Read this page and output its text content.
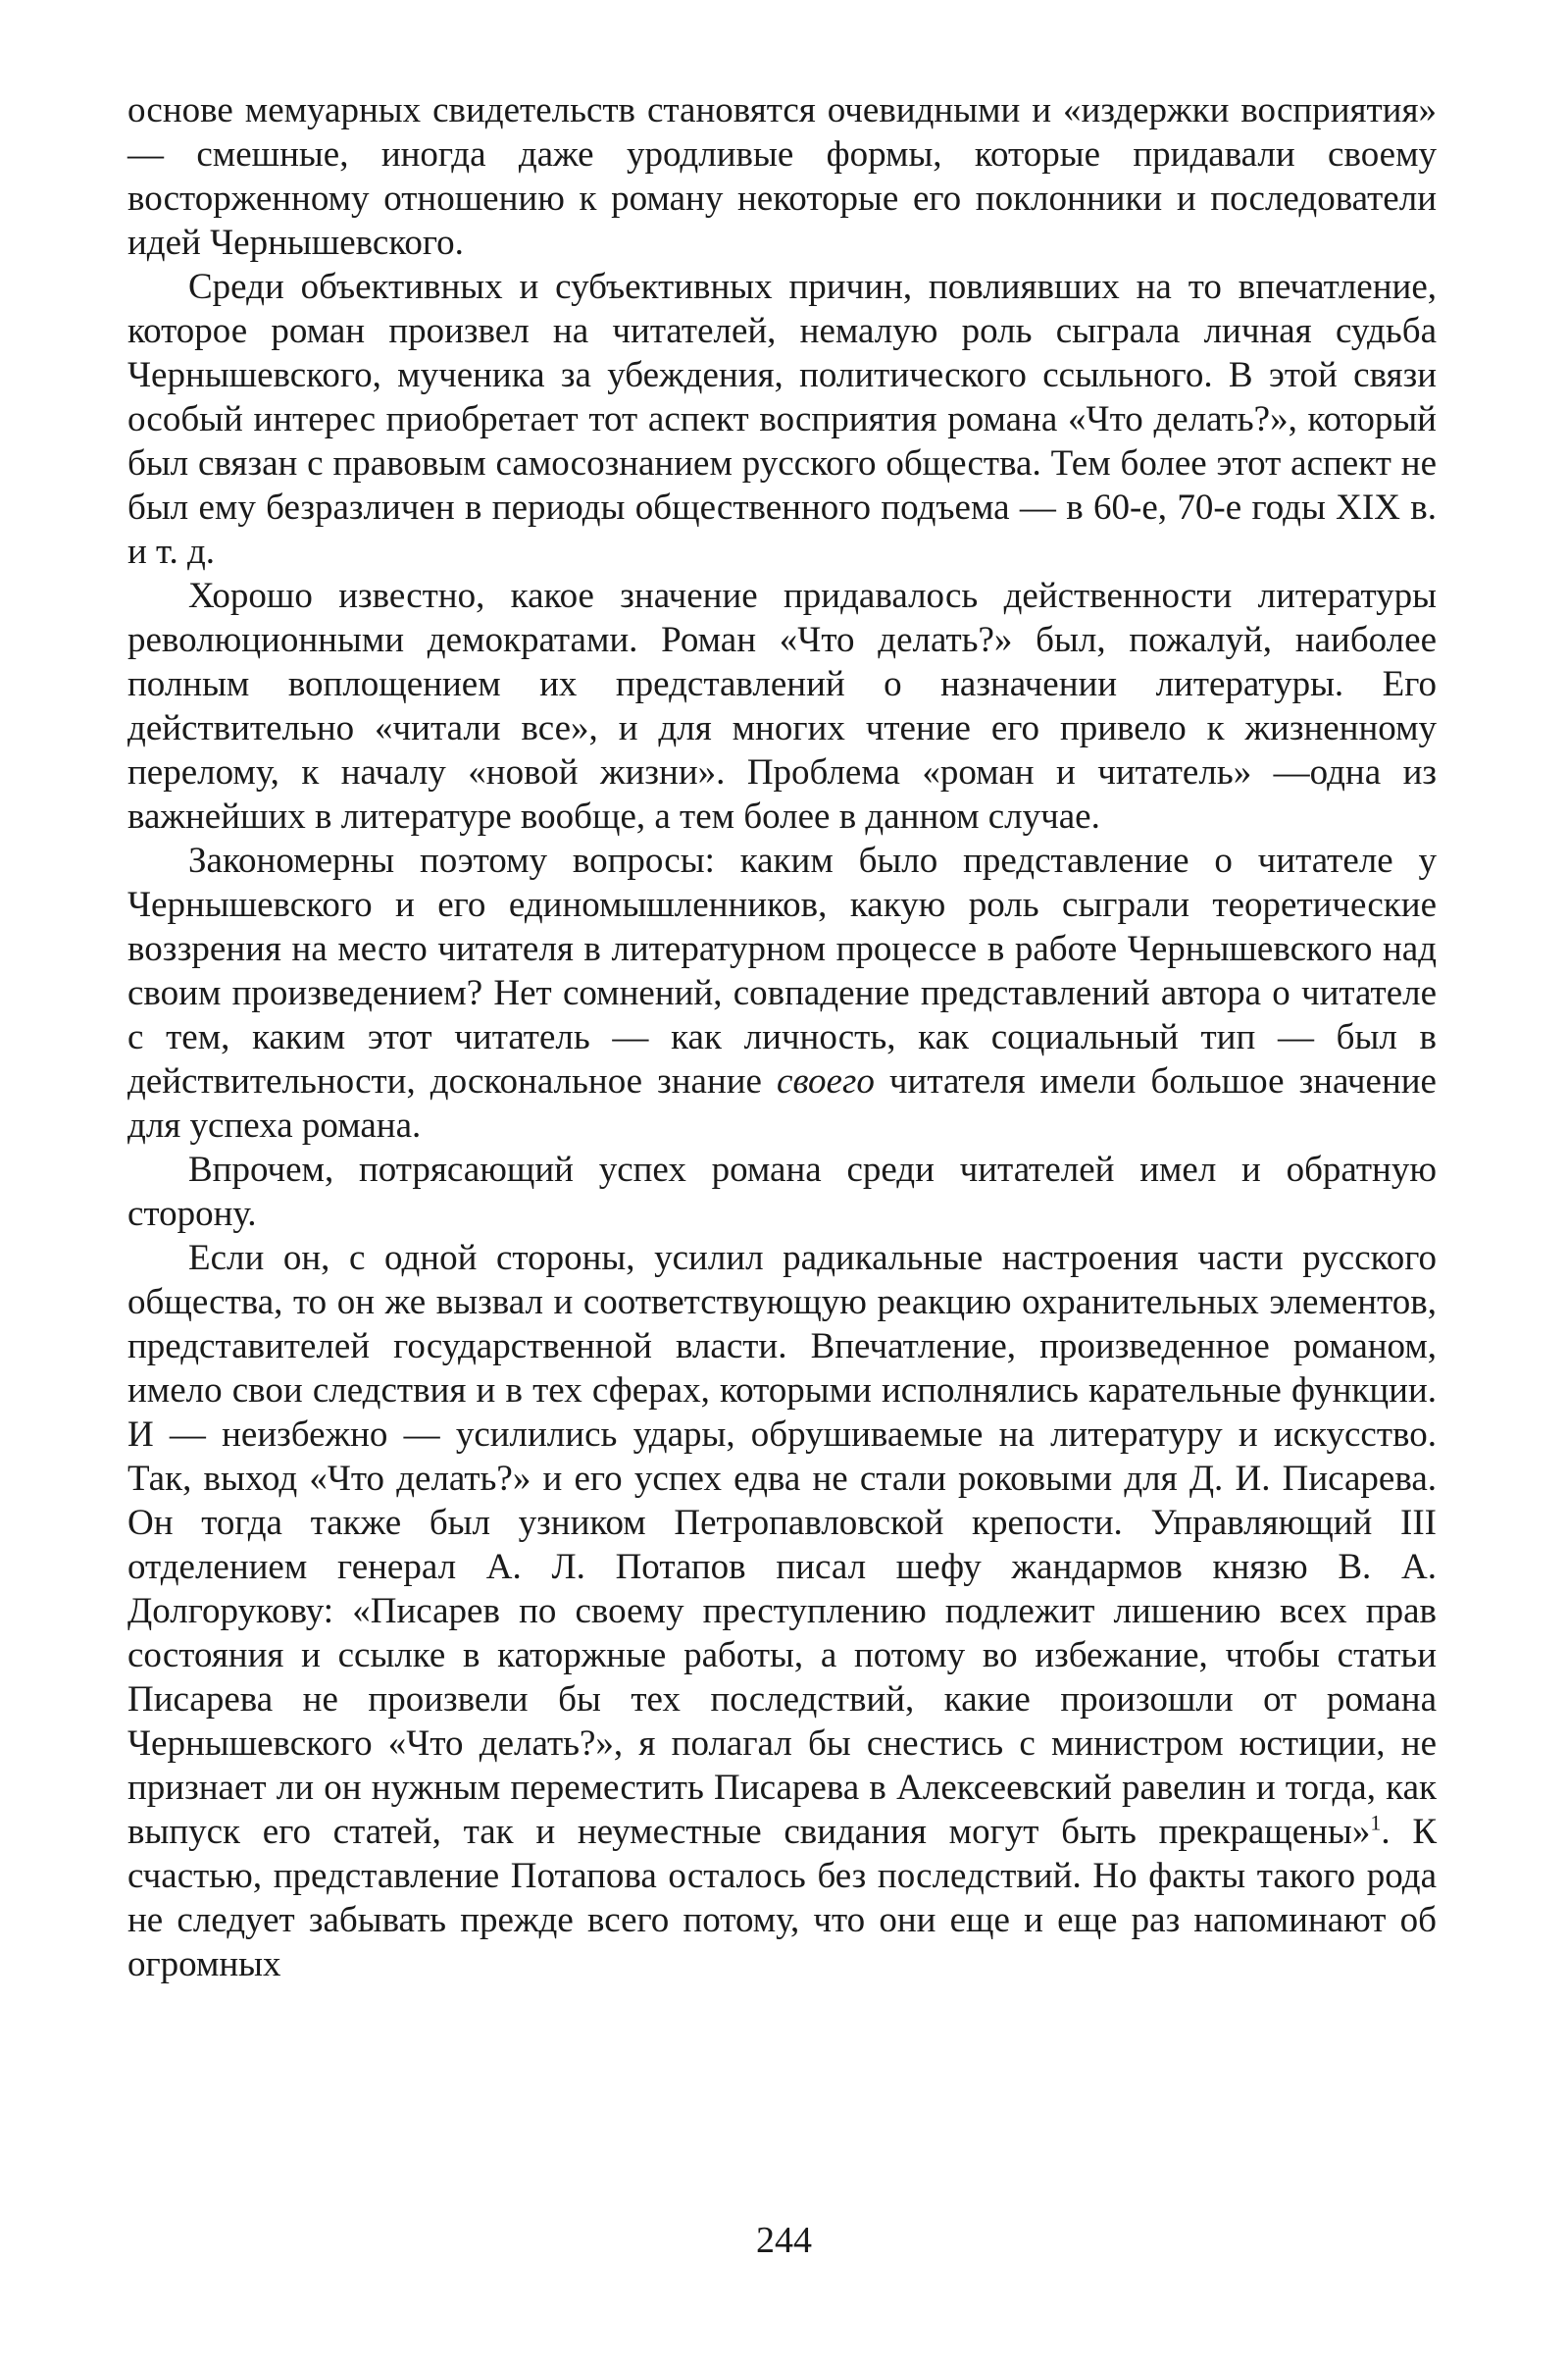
основе мемуарных свидетельств становятся очевидными и «издержки восприятия» — смешные, иногда даже уродливые формы, которые придавали своему восторженному отношению к роману некоторые его поклонники и последователи идей Чернышевского.

Среди объективных и субъективных причин, повлиявших на то впечатление, которое роман произвел на читателей, немалую роль сыграла личная судьба Чернышевского, мученика за убеждения, политического ссыльного. В этой связи особый интерес приобретает тот аспект восприятия романа «Что делать?», который был связан с правовым самосознанием русского общества. Тем более этот аспект не был ему безразличен в периоды общественного подъема — в 60-е, 70-е годы XIX в. и т. д.

Хорошо известно, какое значение придавалось действенности литературы революционными демократами. Роман «Что делать?» был, пожалуй, наиболее полным воплощением их представлений о назначении литературы. Его действительно «читали все», и для многих чтение его привело к жизненному перелому, к началу «новой жизни». Проблема «роман и читатель» —одна из важнейших в литературе вообще, а тем более в данном случае.

Закономерны поэтому вопросы: каким было представление о читателе у Чернышевского и его единомышленников, какую роль сыграли теоретические воззрения на место читателя в литературном процессе в работе Чернышевского над своим произведением? Нет сомнений, совпадение представлений автора о читателе с тем, каким этот читатель — как личность, как социальный тип — был в действительности, доскональное знание своего читателя имели большое значение для успеха романа.

Впрочем, потрясающий успех романа среди читателей имел и обратную сторону.

Если он, с одной стороны, усилил радикальные настроения части русского общества, то он же вызвал и соответствующую реакцию охранительных элементов, представителей государственной власти. Впечатление, произведенное романом, имело свои следствия и в тех сферах, которыми исполнялись карательные функции. И — неизбежно — усилились удары, обрушиваемые на литературу и искусство. Так, выход «Что делать?» и его успех едва не стали роковыми для Д. И. Писарева. Он тогда также был узником Петропавловской крепости. Управляющий III отделением генерал А. Л. Потапов писал шефу жандармов князю В. А. Долгорукову: «Писарев по своему преступлению подлежит лишению всех прав состояния и ссылке в каторжные работы, а потому во избежание, чтобы статьи Писарева не произвели бы тех последствий, какие произошли от романа Чернышевского «Что делать?», я полагал бы снестись с министром юстиции, не признает ли он нужным переместить Писарева в Алексеевский равелин и тогда, как выпуск его статей, так и неуместные свидания могут быть прекращены»$^1$. К счастью, представление Потапова осталось без последствий. Но факты такого рода не следует забывать прежде всего потому, что они еще и еще раз напоминают об огромных

244
